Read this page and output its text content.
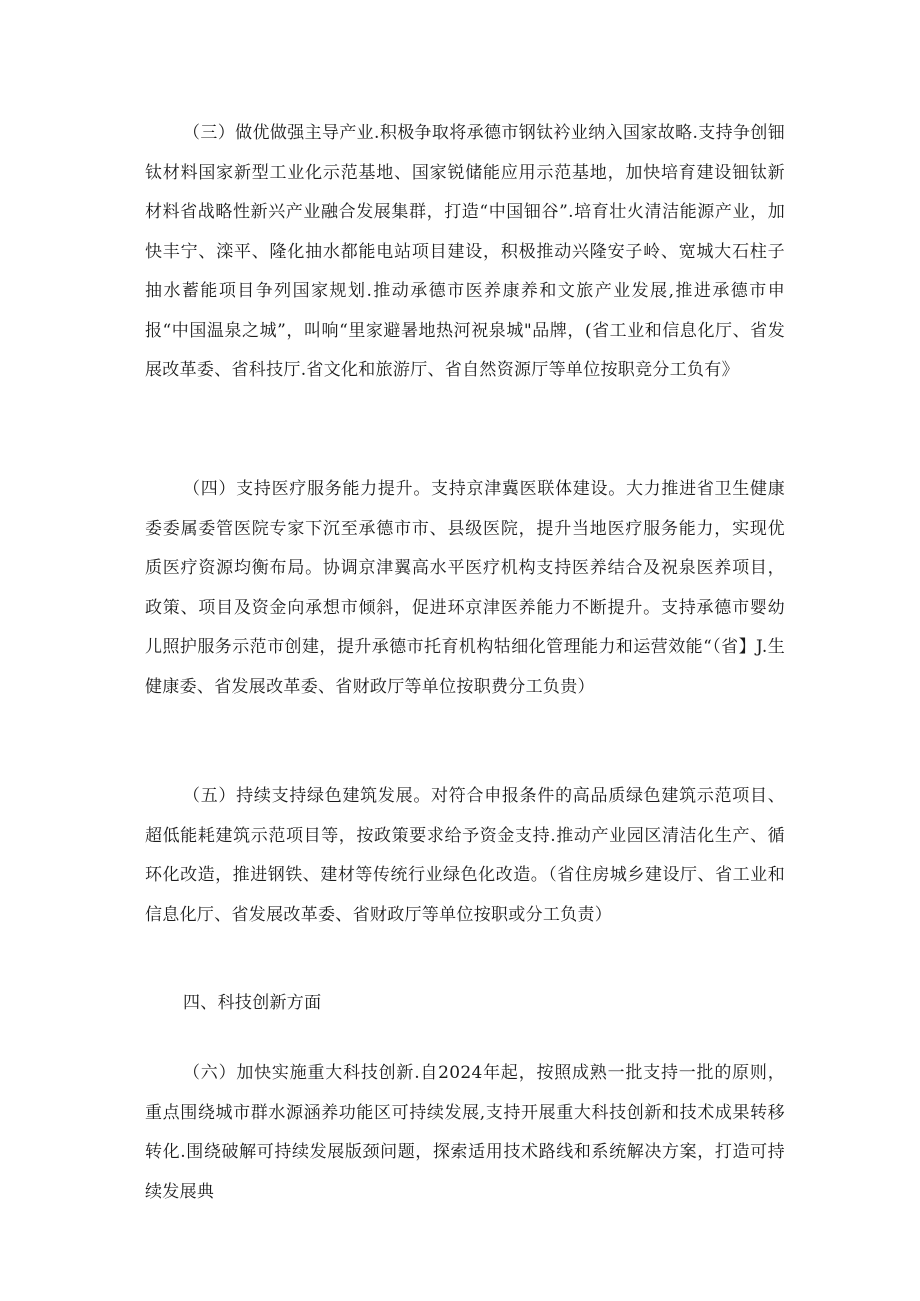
（三）做优做强主导产业.积极争取将承德市钢钛衿业纳入国家故略.支持争创钿钛材料国家新型工业化示范基地、国家锐储能应用示范基地，加快培育建设钿钛新材料省战略性新兴产业融合发展集群，打造“中国钿谷”.培育壮火清洁能源产业，加快丰宁、滦平、隆化抽水都能电站项目建设，积极推动兴隆安子岭、宽城大石柱子抽水蓄能项目争列国家规划.推动承德市医养康养和文旅产业发展,推进承德市申报“中国温泉之城”，叫响“里家避暑地热河祝泉城"品牌，(省工业和信息化厅、省发展改革委、省科技厅.省文化和旅游厅、省自然资源厅等单位按职竞分工负有》

（四）支持医疗服务能力提升。支持京津冀医联体建设。大力推进省卫生健康委委属委管医院专家下沉至承德市市、县级医院，提升当地医疗服务能力，实现优质医疗资源均衡布局。协调京津翼高水平医疗机构支持医养结合及祝泉医养项目，政策、项目及资金向承想市倾斜，促进环京津医养能力不断提升。支持承德市婴幼儿照护服务示范市创建，提升承德市托育机构牯细化管理能力和运营效能“（省】J.生健康委、省发展改革委、省财政厅等单位按职费分工负贵）

（五）持续支持绿色建筑发展。对符合申报条件的高品质绿色建筑示范项目、超低能耗建筑示范项目等，按政策要求给予资金支持.推动产业园区清洁化生产、循环化改造，推进钢铁、建材等传统行业绿色化改造。（省住房城乡建设厅、省工业和信息化厅、省发展改革委、省财政厅等单位按职或分工负责）

四、科技创新方面

（六）加快实施重大科技创新.自2024年起，按照成熟一批支持一批的原则，重点围绕城市群水源涵养功能区可持续发展,支持开展重大科技创新和技术成果转移转化.围绕破解可持续发展版颈问题，探索适用技术路线和系统解决方案，打造可持续发展典
